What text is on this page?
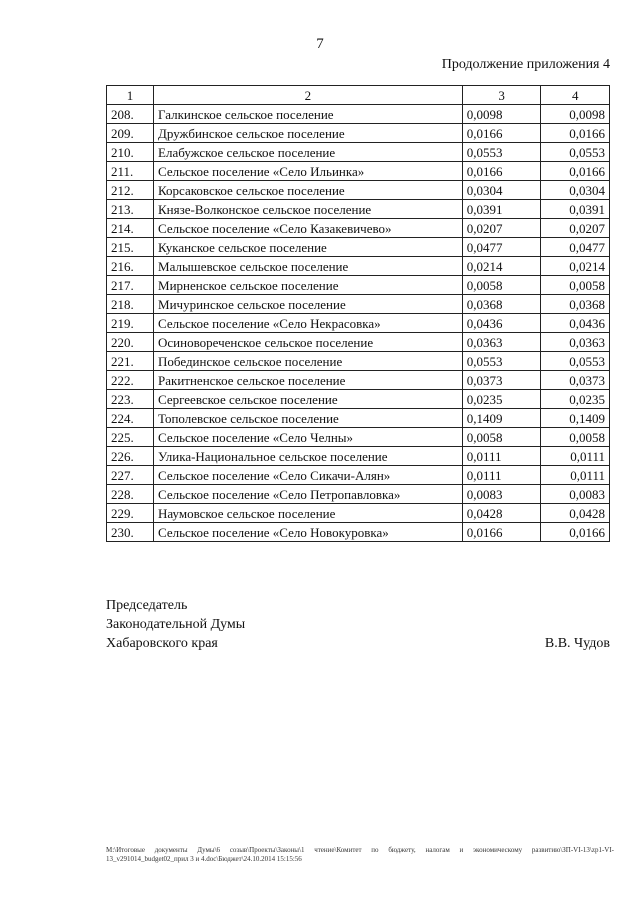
7
Продолжение приложения 4
1	2	3	4
208.	Галкинское сельское поселение	0,0098	0,0098
209.	Дружбинское сельское поселение	0,0166	0,0166
210.	Елабужское сельское поселение	0,0553	0,0553
211.	Сельское поселение «Село Ильинка»	0,0166	0,0166
212.	Корсаковское сельское поселение	0,0304	0,0304
213.	Князе-Волконское сельское поселение	0,0391	0,0391
214.	Сельское поселение «Село Казакевичево»	0,0207	0,0207
215.	Куканское сельское поселение	0,0477	0,0477
216.	Малышевское сельское поселение	0,0214	0,0214
217.	Мирненское сельское поселение	0,0058	0,0058
218.	Мичуринское сельское поселение	0,0368	0,0368
219.	Сельское поселение «Село Некрасовка»	0,0436	0,0436
220.	Осиновореченское сельское поселение	0,0363	0,0363
221.	Побединское сельское поселение	0,0553	0,0553
222.	Ракитненское сельское поселение	0,0373	0,0373
223.	Сергеевское сельское поселение	0,0235	0,0235
224.	Тополевское сельское поселение	0,1409	0,1409
225.	Сельское поселение «Село Челны»	0,0058	0,0058
226.	Улика-Национальное сельское поселение	0,0111	0,0111
227.	Сельское поселение «Село Сикачи-Алян»	0,0111	0,0111
228.	Сельское поселение «Село Петропавловка»	0,0083	0,0083
229.	Наумовское сельское поселение	0,0428	0,0428
230.	Сельское поселение «Село Новокуровка»	0,0166	0,0166
Председатель
Законодательной Думы
Хабаровского края	В.В. Чудов
M:\Итоговые документы Думы\6 созыв\Проекты\Законы\1 чтение\Комитет по бюджету, налогам и экономическому развитию\ЗП-VI-13\zp1-VI-13_v291014_budget02_прил 3 и 4.doc\Бюджет\24.10.2014 15:15:56
